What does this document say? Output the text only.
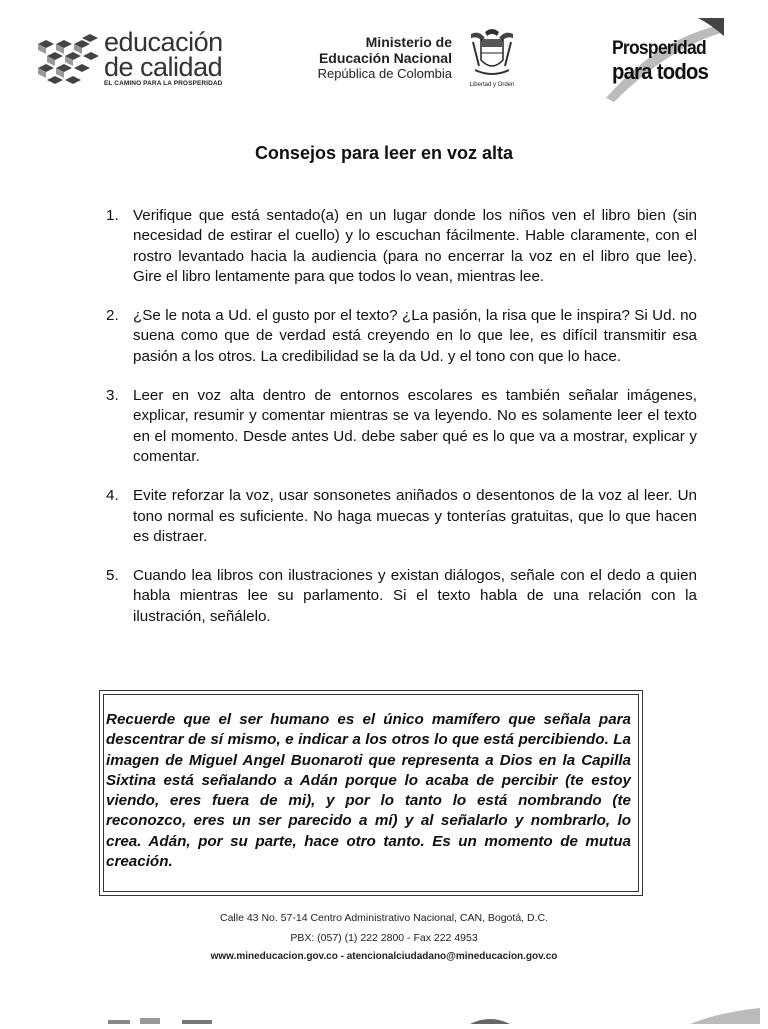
educación
de calidad
EL CAMINO PARA LA PROSPERIDAD
Ministerio de
Educación Nacional
República de Colombia
Libertad y Orden
Prosperidad
para todos
Consejos para leer en voz alta
1. Verifique que está sentado(a) en un lugar donde los niños ven el libro bien (sin necesidad de estirar el cuello) y lo escuchan fácilmente. Hable claramente, con el rostro levantado hacia la audiencia (para no encerrar la voz en el libro que lee). Gire el libro lentamente para que todos lo vean, mientras lee.
2. ¿Se le nota a Ud. el gusto por el texto? ¿La pasión, la risa que le inspira? Si Ud. no suena como que de verdad está creyendo en lo que lee, es difícil transmitir esa pasión a los otros. La credibilidad se la da Ud. y el tono con que lo hace.
3. Leer en voz alta dentro de entornos escolares es también señalar imágenes, explicar, resumir y comentar mientras se va leyendo. No es solamente leer el texto en el momento. Desde antes Ud. debe saber qué es lo que va a mostrar, explicar y comentar.
4. Evite reforzar la voz, usar sonsonetes aniñados o desentonos de la voz al leer. Un tono normal es suficiente. No haga muecas y tonterías gratuitas, que lo que hacen es distraer.
5. Cuando lea libros con ilustraciones y existan diálogos, señale con el dedo a quien habla mientras lee su parlamento. Si el texto habla de una relación con la ilustración, señálelo.

Recuerde que el ser humano es el único mamífero que señala para descentrar de sí mismo, e indicar a los otros lo que está percibiendo. La imagen de Miguel Angel Buonaroti que representa a Dios en la Capilla Sixtina está señalando a Adán porque lo acaba de percibir (te estoy viendo, eres fuera de mi), y por lo tanto lo está nombrando (te reconozco, eres un ser parecido a mí) y al señalarlo y nombrarlo, lo crea. Adán, por su parte, hace otro tanto. Es un momento de mutua creación.

Calle 43 No. 57-14 Centro Administrativo Nacional, CAN, Bogotá, D.C.
PBX: (057) (1) 222 2800 - Fax 222 4953
www.mineducacion.gov.co - atencionalciudadano@mineducacion.gov.co
